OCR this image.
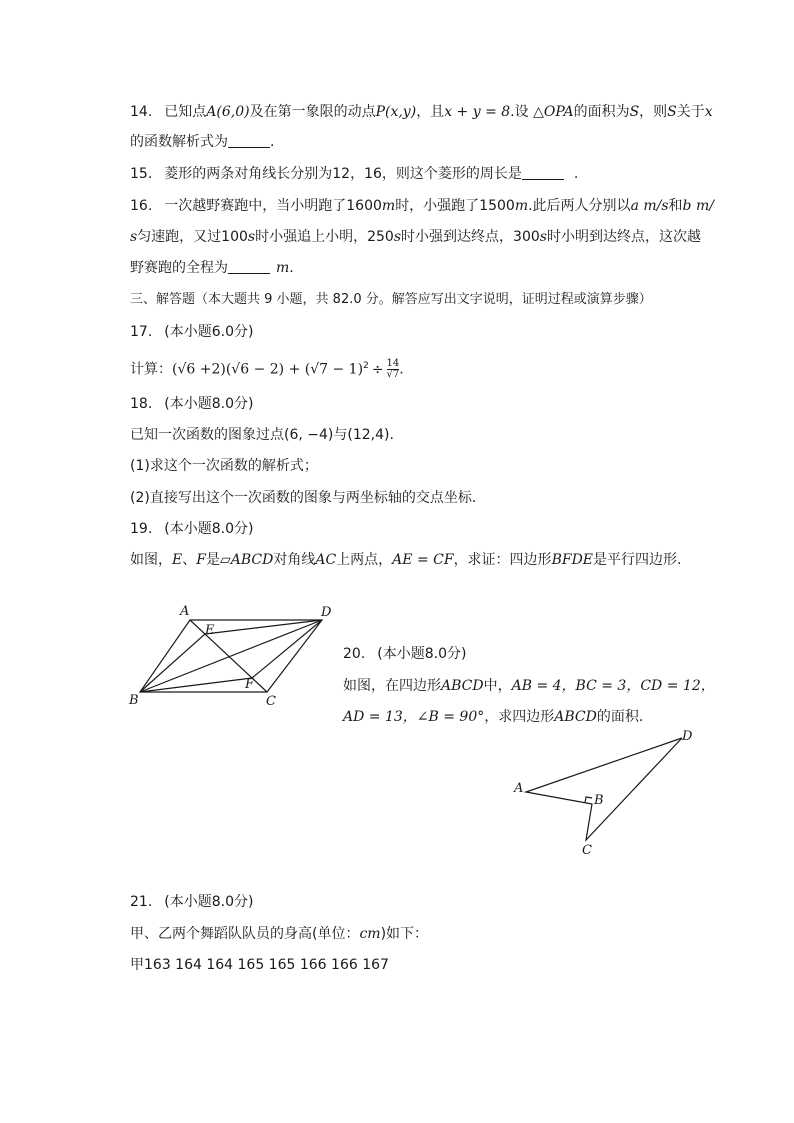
14. 已知点A(6,0)及在第一象限的动点P(x,y)，且x + y = 8.设 △OPA的面积为S，则S关于x
的函数解析式为	.
15. 菱形的两条对角线长分别为12，16，则这个菱形的周长是	.
16. 一次越野赛跑中，当小明跑了1600m时，小强跑了1500m.此后两人分别以a m/s和b m/
s匀速跑，又过100s时小强追上小明，250s时小强到达终点，300s时小明到达终点，这次越
野赛跑的全程为	m.
三、解答题（本大题共 9 小题，共 82.0 分。解答应写出文字说明，证明过程或演算步骤）
17. (本小题6.0分)
计算：$(√6 +2)(√6 - 2) + (√7 - 1)^2 \div \frac{14}{√7}$ .
18. (本小题8.0分)
已知一次函数的图象过点(6, −4)与(12,4).
(1)求这个一次函数的解析式；
(2)直接写出这个一次函数的图象与两坐标轴的交点坐标.
19. (本小题8.0分)
如图，E、F是▱ABCD对角线AC上两点，AE = CF，求证：四边形BFDE是平行四边形.
A	D
E
F
B	C
20. (本小题8.0分)
如图，在四边形ABCD中，AB = 4，BC = 3，CD = 12，
AD = 13，∠B = 90°，求四边形ABCD的面积.
A
B
C
D
21. (本小题8.0分)
甲、乙两个舞蹈队队员的身高(单位：cm)如下：
甲163 164 164 165 165 166 166 167
